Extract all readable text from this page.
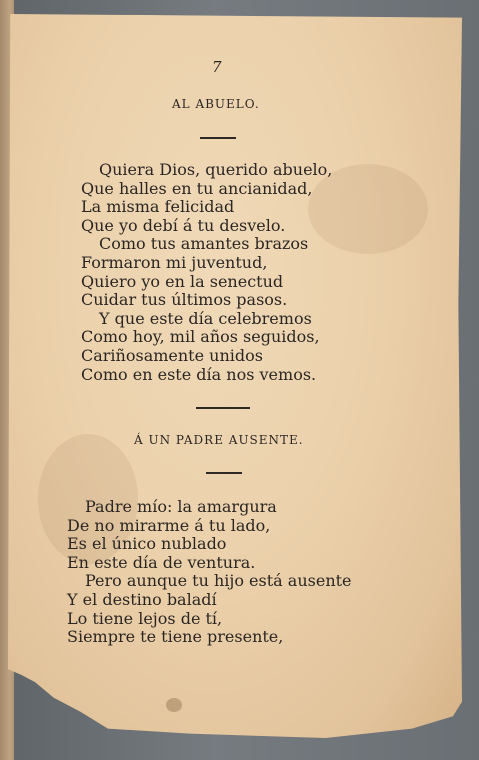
7
AL ABUELO.
Quiera Dios, querido abuelo,
Que halles en tu ancianidad,
La misma felicidad
Que yo debí á tu desvelo.
Como tus amantes brazos
Formaron mi juventud,
Quiero yo en la senectud
Cuidar tus últimos pasos.
Y que este día celebremos
Como hoy, mil años seguidos,
Cariñosamente unidos
Como en este día nos vemos.
Á UN PADRE AUSENTE.
Padre mío: la amargura
De no mirarme á tu lado,
Es el único nublado
En este día de ventura.
Pero aunque tu hijo está ausente
Y el destino baladí
Lo tiene lejos de tí,
Siempre te tiene presente,
